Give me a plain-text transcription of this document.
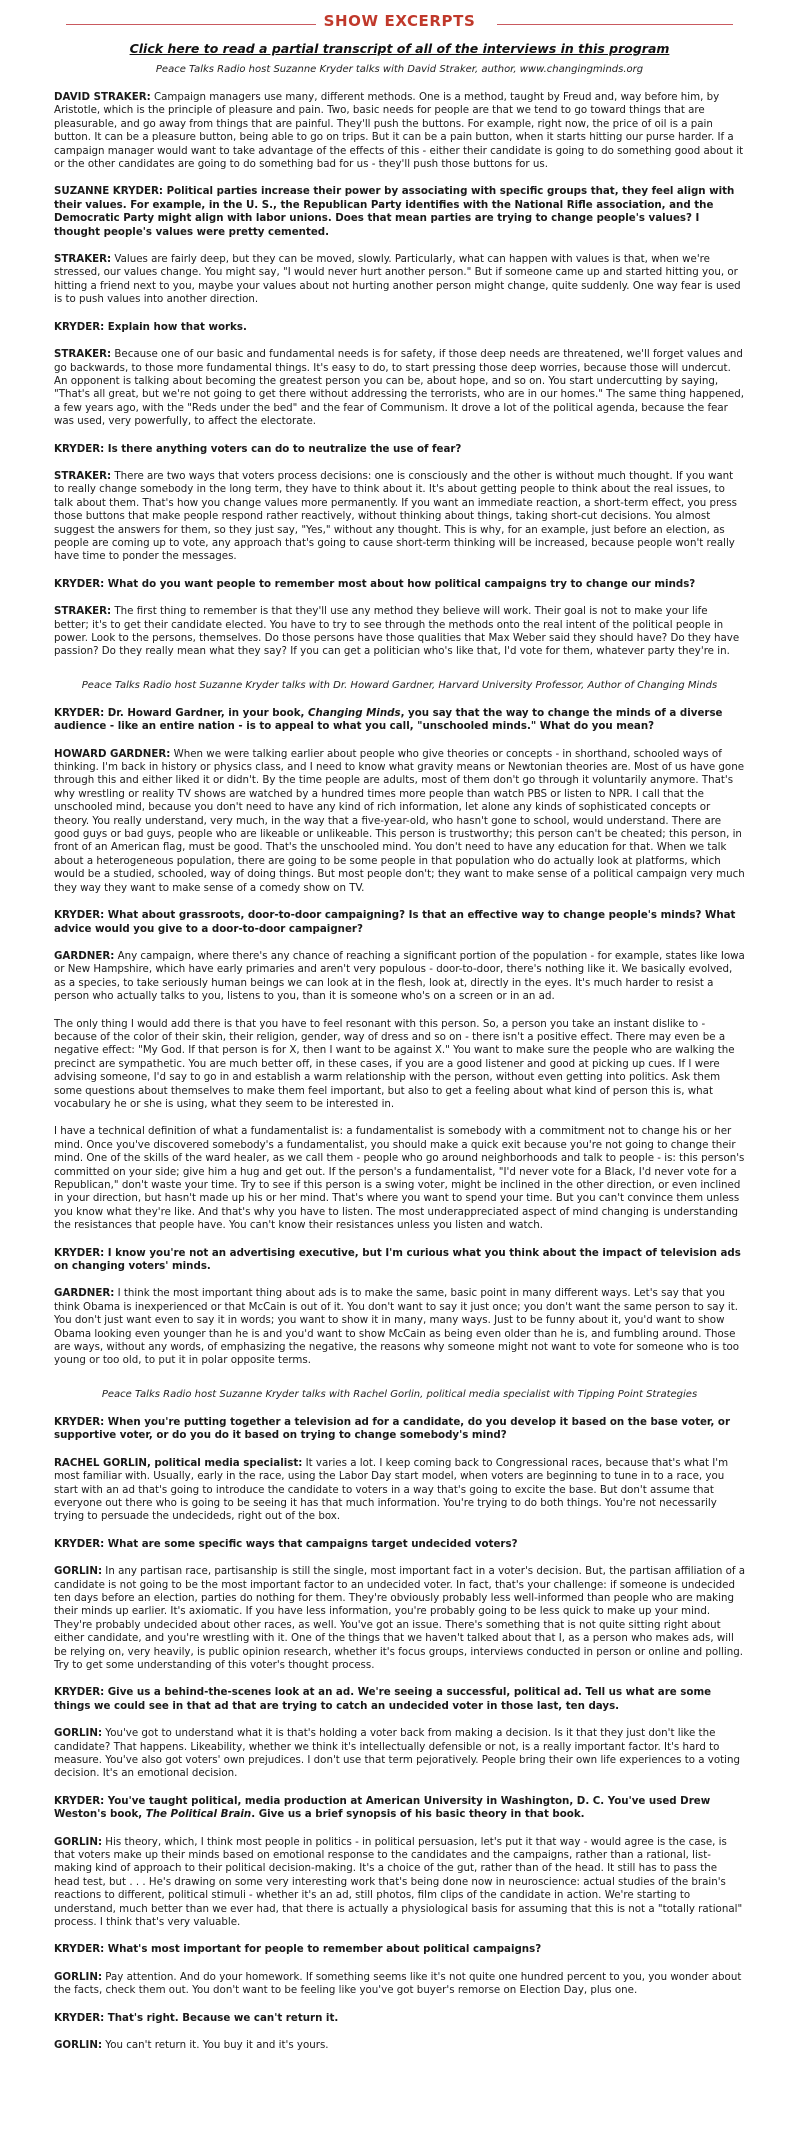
SHOW EXCERPTS
Click here to read a partial transcript of all of the interviews in this program

Peace Talks Radio host Suzanne Kryder talks with David Straker, author, www.changingminds.org

DAVID STRAKER: Campaign managers use many, different methods. One is a method, taught by Freud and, way before him, by Aristotle, which is the principle of pleasure and pain. Two, basic needs for people are that we tend to go toward things that are pleasurable, and go away from things that are painful. They'll push the buttons. For example, right now, the price of oil is a pain button. It can be a pleasure button, being able to go on trips. But it can be a pain button, when it starts hitting our purse harder. If a campaign manager would want to take advantage of the effects of this - either their candidate is going to do something good about it or the other candidates are going to do something bad for us - they'll push those buttons for us.

SUZANNE KRYDER: Political parties increase their power by associating with specific groups that, they feel align with their values. For example, in the U. S., the Republican Party identifies with the National Rifle association, and the Democratic Party might align with labor unions. Does that mean parties are trying to change people's values? I thought people's values were pretty cemented.

STRAKER: Values are fairly deep, but they can be moved, slowly. Particularly, what can happen with values is that, when we're stressed, our values change. You might say, "I would never hurt another person." But if someone came up and started hitting you, or hitting a friend next to you, maybe your values about not hurting another person might change, quite suddenly. One way fear is used is to push values into another direction.

KRYDER: Explain how that works.

STRAKER: Because one of our basic and fundamental needs is for safety, if those deep needs are threatened, we'll forget values and go backwards, to those more fundamental things. It's easy to do, to start pressing those deep worries, because those will undercut. An opponent is talking about becoming the greatest person you can be, about hope, and so on. You start undercutting by saying, "That's all great, but we're not going to get there without addressing the terrorists, who are in our homes." The same thing happened, a few years ago, with the "Reds under the bed" and the fear of Communism. It drove a lot of the political agenda, because the fear was used, very powerfully, to affect the electorate.

KRYDER: Is there anything voters can do to neutralize the use of fear?

STRAKER: There are two ways that voters process decisions: one is consciously and the other is without much thought. If you want to really change somebody in the long term, they have to think about it. It's about getting people to think about the real issues, to talk about them. That's how you change values more permanently. If you want an immediate reaction, a short-term effect, you press those buttons that make people respond rather reactively, without thinking about things, taking short-cut decisions. You almost suggest the answers for them, so they just say, "Yes," without any thought. This is why, for an example, just before an election, as people are coming up to vote, any approach that's going to cause short-term thinking will be increased, because people won't really have time to ponder the messages.

KRYDER: What do you want people to remember most about how political campaigns try to change our minds?

STRAKER: The first thing to remember is that they'll use any method they believe will work. Their goal is not to make your life better; it's to get their candidate elected. You have to try to see through the methods onto the real intent of the political people in power. Look to the persons, themselves. Do those persons have those qualities that Max Weber said they should have? Do they have passion? Do they really mean what they say? If you can get a politician who's like that, I'd vote for them, whatever party they're in.

Peace Talks Radio host Suzanne Kryder talks with Dr. Howard Gardner, Harvard University Professor, Author of Changing Minds

KRYDER: Dr. Howard Gardner, in your book, Changing Minds, you say that the way to change the minds of a diverse audience - like an entire nation - is to appeal to what you call, "unschooled minds." What do you mean?

HOWARD GARDNER: When we were talking earlier about people who give theories or concepts - in shorthand, schooled ways of thinking. I'm back in history or physics class, and I need to know what gravity means or Newtonian theories are. Most of us have gone through this and either liked it or didn't. By the time people are adults, most of them don't go through it voluntarily anymore. That's why wrestling or reality TV shows are watched by a hundred times more people than watch PBS or listen to NPR. I call that the unschooled mind, because you don't need to have any kind of rich information, let alone any kinds of sophisticated concepts or theory. You really understand, very much, in the way that a five-year-old, who hasn't gone to school, would understand. There are good guys or bad guys, people who are likeable or unlikeable. This person is trustworthy; this person can't be cheated; this person, in front of an American flag, must be good. That's the unschooled mind. You don't need to have any education for that. When we talk about a heterogeneous population, there are going to be some people in that population who do actually look at platforms, which would be a studied, schooled, way of doing things. But most people don't; they want to make sense of a political campaign very much they way they want to make sense of a comedy show on TV.

KRYDER: What about grassroots, door-to-door campaigning? Is that an effective way to change people's minds? What advice would you give to a door-to-door campaigner?

GARDNER: Any campaign, where there's any chance of reaching a significant portion of the population - for example, states like Iowa or New Hampshire, which have early primaries and aren't very populous - door-to-door, there's nothing like it. We basically evolved, as a species, to take seriously human beings we can look at in the flesh, look at, directly in the eyes. It's much harder to resist a person who actually talks to you, listens to you, than it is someone who's on a screen or in an ad.

The only thing I would add there is that you have to feel resonant with this person. So, a person you take an instant dislike to - because of the color of their skin, their religion, gender, way of dress and so on - there isn't a positive effect. There may even be a negative effect: "My God. If that person is for X, then I want to be against X." You want to make sure the people who are walking the precinct are sympathetic. You are much better off, in these cases, if you are a good listener and good at picking up cues. If I were advising someone, I'd say to go in and establish a warm relationship with the person, without even getting into politics. Ask them some questions about themselves to make them feel important, but also to get a feeling about what kind of person this is, what vocabulary he or she is using, what they seem to be interested in.

I have a technical definition of what a fundamentalist is: a fundamentalist is somebody with a commitment not to change his or her mind. Once you've discovered somebody's a fundamentalist, you should make a quick exit because you're not going to change their mind. One of the skills of the ward healer, as we call them - people who go around neighborhoods and talk to people - is: this person's committed on your side; give him a hug and get out. If the person's a fundamentalist, "I'd never vote for a Black, I'd never vote for a Republican," don't waste your time. Try to see if this person is a swing voter, might be inclined in the other direction, or even inclined in your direction, but hasn't made up his or her mind. That's where you want to spend your time. But you can't convince them unless you know what they're like. And that's why you have to listen. The most underappreciated aspect of mind changing is understanding the resistances that people have. You can't know their resistances unless you listen and watch.

KRYDER: I know you're not an advertising executive, but I'm curious what you think about the impact of television ads on changing voters' minds.

GARDNER: I think the most important thing about ads is to make the same, basic point in many different ways. Let's say that you think Obama is inexperienced or that McCain is out of it. You don't want to say it just once; you don't want the same person to say it. You don't just want even to say it in words; you want to show it in many, many ways. Just to be funny about it, you'd want to show Obama looking even younger than he is and you'd want to show McCain as being even older than he is, and fumbling around. Those are ways, without any words, of emphasizing the negative, the reasons why someone might not want to vote for someone who is too young or too old, to put it in polar opposite terms.

Peace Talks Radio host Suzanne Kryder talks with Rachel Gorlin, political media specialist with Tipping Point Strategies

KRYDER: When you're putting together a television ad for a candidate, do you develop it based on the base voter, or supportive voter, or do you do it based on trying to change somebody's mind?

RACHEL GORLIN, political media specialist: It varies a lot. I keep coming back to Congressional races, because that's what I'm most familiar with. Usually, early in the race, using the Labor Day start model, when voters are beginning to tune in to a race, you start with an ad that's going to introduce the candidate to voters in a way that's going to excite the base. But don't assume that everyone out there who is going to be seeing it has that much information. You're trying to do both things. You're not necessarily trying to persuade the undecideds, right out of the box.

KRYDER: What are some specific ways that campaigns target undecided voters?

GORLIN: In any partisan race, partisanship is still the single, most important fact in a voter's decision. But, the partisan affiliation of a candidate is not going to be the most important factor to an undecided voter. In fact, that's your challenge: if someone is undecided ten days before an election, parties do nothing for them. They're obviously probably less well-informed than people who are making their minds up earlier. It's axiomatic. If you have less information, you're probably going to be less quick to make up your mind. They're probably undecided about other races, as well. You've got an issue. There's something that is not quite sitting right about either candidate, and you're wrestling with it. One of the things that we haven't talked about that I, as a person who makes ads, will be relying on, very heavily, is public opinion research, whether it's focus groups, interviews conducted in person or online and polling. Try to get some understanding of this voter's thought process.

KRYDER: Give us a behind-the-scenes look at an ad. We're seeing a successful, political ad. Tell us what are some things we could see in that ad that are trying to catch an undecided voter in those last, ten days.

GORLIN: You've got to understand what it is that's holding a voter back from making a decision. Is it that they just don't like the candidate? That happens. Likeability, whether we think it's intellectually defensible or not, is a really important factor. It's hard to measure. You've also got voters' own prejudices. I don't use that term pejoratively. People bring their own life experiences to a voting decision. It's an emotional decision.

KRYDER: You've taught political, media production at American University in Washington, D. C. You've used Drew Weston's book, The Political Brain. Give us a brief synopsis of his basic theory in that book.

GORLIN: His theory, which, I think most people in politics - in political persuasion, let's put it that way - would agree is the case, is that voters make up their minds based on emotional response to the candidates and the campaigns, rather than a rational, list-making kind of approach to their political decision-making. It's a choice of the gut, rather than of the head. It still has to pass the head test, but . . . He's drawing on some very interesting work that's being done now in neuroscience: actual studies of the brain's reactions to different, political stimuli - whether it's an ad, still photos, film clips of the candidate in action. We're starting to understand, much better than we ever had, that there is actually a physiological basis for assuming that this is not a "totally rational" process. I think that's very valuable.

KRYDER: What's most important for people to remember about political campaigns?

GORLIN: Pay attention. And do your homework. If something seems like it's not quite one hundred percent to you, you wonder about the facts, check them out. You don't want to be feeling like you've got buyer's remorse on Election Day, plus one.

KRYDER: That's right. Because we can't return it.

GORLIN: You can't return it. You buy it and it's yours.
